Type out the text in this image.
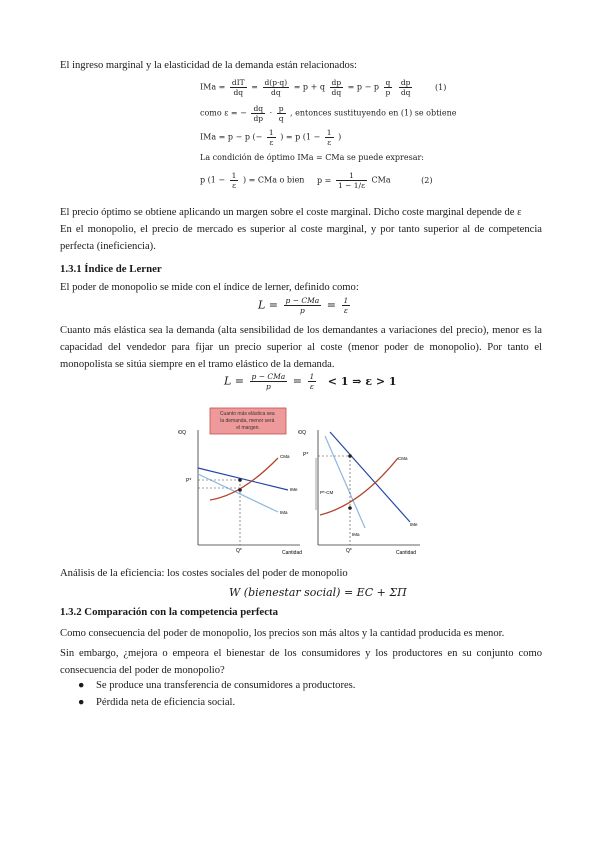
El ingreso marginal y la elasticidad de la demanda están relacionados:

IMa = $\frac{\text{dIT}}{dq} = \frac{d(p\cdot q)}{dq} = p + q \frac{dp}{dq} = p - p \frac{q}{p}$
$\frac{dp}{dq}$	(1)
como ε = − $\frac{dq}{dp} \cdot \frac{p}{q}$ , entonces sustituyendo en (1) se obtiene
IMa = p − p (− $\frac{1}{\varepsilon}$ ) = p ($1 - \frac{1}{\varepsilon}$ )
La condición de óptimo IMa = CMa se puede expresar:
p ($1 - \frac{1}{\varepsilon}$ ) = CMa o bien $p = \frac{1}{1 - 1/\varepsilon}$ CMa	(2)

El precio óptimo se obtiene aplicando un margen sobre el coste marginal. Dicho coste marginal depende de ε

En el monopolio, el precio de mercado es superior al coste marginal, y por tanto superior al de competencia perfecta (ineficiencia).

1.3.1 Índice de Lerner

El poder de monopolio se mide con el índice de lerner, definido como:

$L = \frac{\text{p − CMa}}{p} = \frac{1}{\varepsilon}$

Cuanto más elástica sea la demanda (alta sensibilidad de los demandantes a variaciones del precio), menor es la capacidad del vendedor para fijar un precio superior al coste (menor poder de monopolio). Por tanto el monopolista se sitúa siempre en el tramo elástico de la demanda.

$L = \frac{\text{p − CMa}}{p} = \frac{1}{\varepsilon} < 1$ ⇒ ε > 1
Cuanto más elástica sea la demanda, menor será el margen.
€/Q
Cantidad
P*
Q*
CMa
IMe
IMa
€/Q
Cantidad
P*
P*-CM
Q*
CMa
IMe
IMa

Análisis de la eficiencia: los costes sociales del poder de monopolio

W (bienestar social) = EC + ΣΠ
1.3.2 Comparación con la competencia perfecta

Como consecuencia del poder de monopolio, los precios son más altos y la cantidad producida es menor.

Sin embargo, ¿mejora o empeora el bienestar de los consumidores y los productores en su conjunto como consecuencia del poder de monopolio?

● Se produce una transferencia de consumidores a productores.
● Pérdida neta de eficiencia social.
